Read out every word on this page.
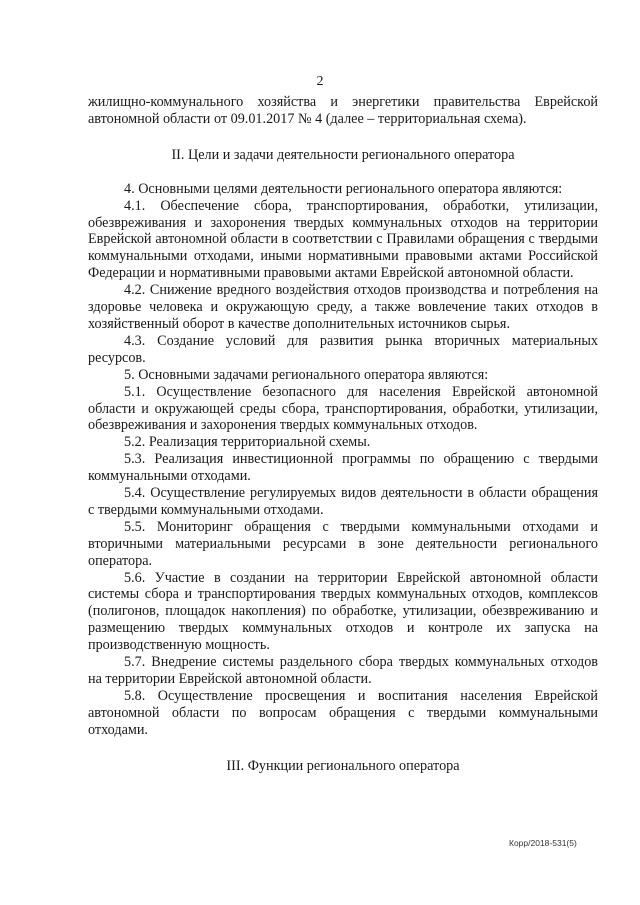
2

жилищно-коммунального хозяйства и энергетики правительства Еврейской автономной области от 09.01.2017 № 4 (далее – территориальная схема).

II. Цели и задачи деятельности регионального оператора

4. Основными целями деятельности регионального оператора являются:

4.1. Обеспечение сбора, транспортирования, обработки, утилизации, обезвреживания и захоронения твердых коммунальных отходов на территории Еврейской автономной области в соответствии с Правилами обращения с твердыми коммунальными отходами, иными нормативными правовыми актами Российской Федерации и нормативными правовыми актами Еврейской автономной области.

4.2. Снижение вредного воздействия отходов производства и потребления на здоровье человека и окружающую среду, а также вовлечение таких отходов в хозяйственный оборот в качестве дополнительных источников сырья.

4.3. Создание условий для развития рынка вторичных материальных ресурсов.

5. Основными задачами регионального оператора являются:

5.1. Осуществление безопасного для населения Еврейской автономной области и окружающей среды сбора, транспортирования, обработки, утилизации, обезвреживания и захоронения твердых коммунальных отходов.

5.2. Реализация территориальной схемы.

5.3. Реализация инвестиционной программы по обращению с твердыми коммунальными отходами.

5.4. Осуществление регулируемых видов деятельности в области обращения с твердыми коммунальными отходами.

5.5. Мониторинг обращения с твердыми коммунальными отходами и вторичными материальными ресурсами в зоне деятельности регионального оператора.

5.6. Участие в создании на территории Еврейской автономной области системы сбора и транспортирования твердых коммунальных отходов, комплексов (полигонов, площадок накопления) по обработке, утилизации, обезвреживанию и размещению твердых коммунальных отходов и контроле их запуска на производственную мощность.

5.7. Внедрение системы раздельного сбора твердых коммунальных отходов на территории Еврейской автономной области.

5.8. Осуществление просвещения и воспитания населения Еврейской автономной области по вопросам обращения с твердыми коммунальными отходами.

III. Функции регионального оператора
Корр/2018-531(5)
